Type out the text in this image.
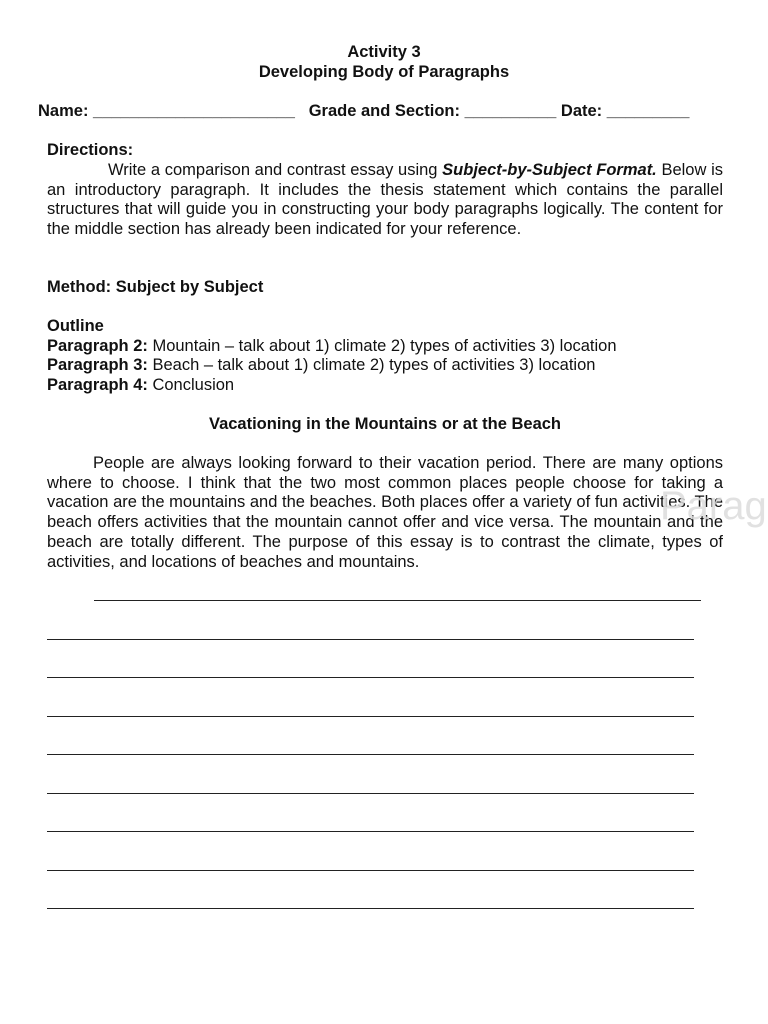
Activity 3
Developing Body of Paragraphs
Name: ______________________ Grade and Section: __________ Date: _________
Directions:
Write a comparison and contrast essay using Subject-by-Subject Format. Below is an introductory paragraph. It includes the thesis statement which contains the parallel structures that will guide you in constructing your body paragraphs logically. The content for the middle section has already been indicated for your reference.
Method: Subject by Subject
Outline
Paragraph 2: Mountain – talk about 1) climate 2) types of activities 3) location
Paragraph 3: Beach – talk about 1) climate 2) types of activities 3) location
Paragraph 4: Conclusion
Vacationing in the Mountains or at the Beach
People are always looking forward to their vacation period. There are many options where to choose. I think that the two most common places people choose for taking a vacation are the mountains and the beaches. Both places offer a variety of fun activities. The beach offers activities that the mountain cannot offer and vice versa. The mountain and the beach are totally different. The purpose of this essay is to contrast the climate, types of activities, and locations of beaches and mountains.
Parag
